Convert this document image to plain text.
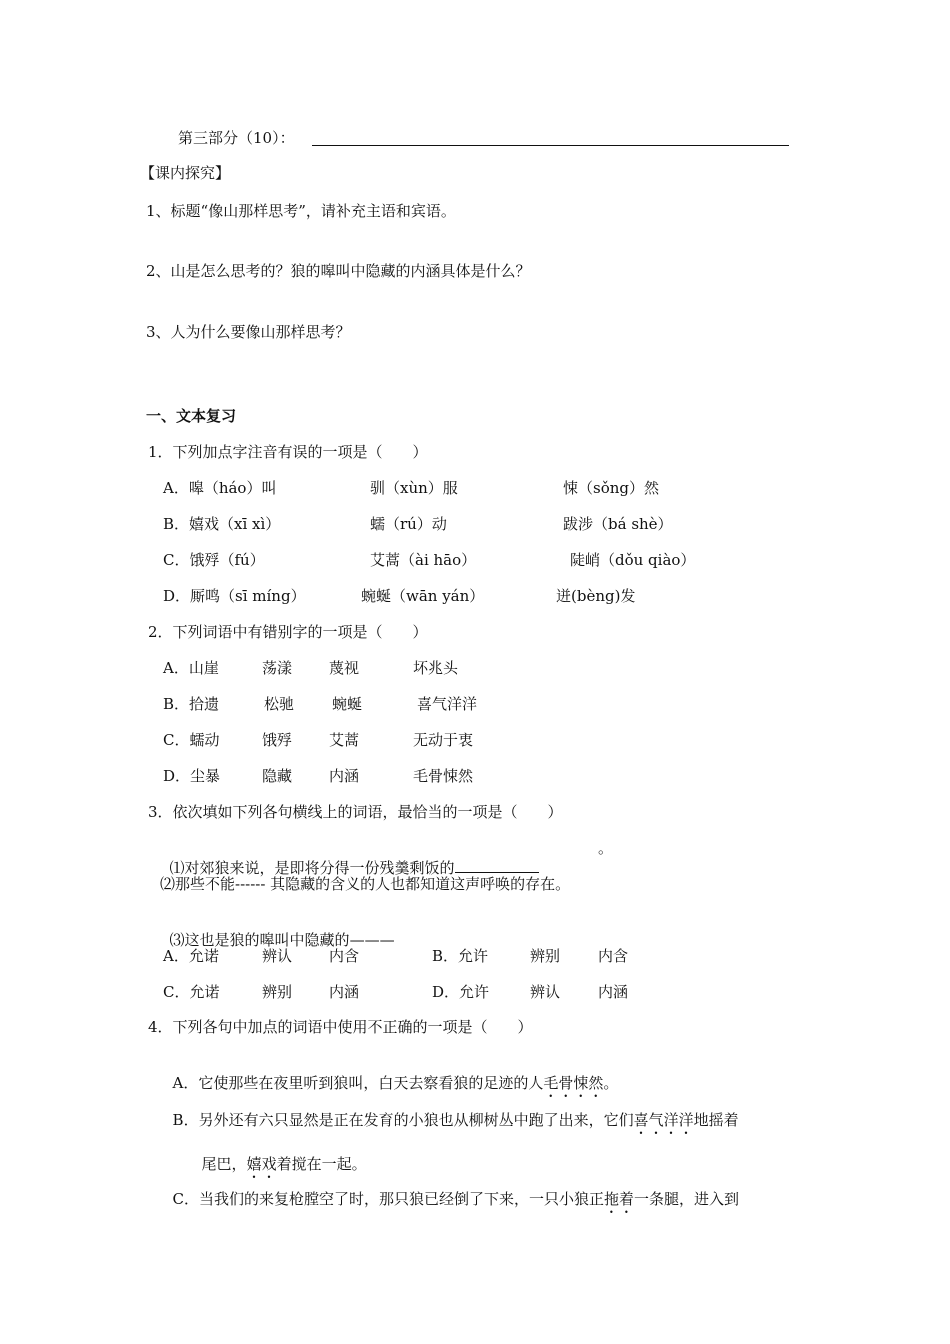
第三部分（10）：
【课内探究】
1、标题“像山那样思考”，请补充主语和宾语。
2、山是怎么思考的？狼的嗥叫中隐藏的内涵具体是什么？
3、人为什么要像山那样思考？
一、文本复习
1．下列加点字注音有误的一项是（　　）
A．嗥（háo）叫	驯（xùn）服	悚（sǒng）然
B．嬉戏（xī xì）	蠕（rú）动	跋涉（bá shè）
C．饿殍（fú）	艾蒿（ài hāo）	陡峭（dǒu qiào）
D．厮鸣（sī míng）	蜿蜒（wān yán）	迸(bèng)发
2．下列词语中有错别字的一项是（　　）
A．山崖	荡漾 蔑视	坏兆头
B．拾遗	松驰	蜿蜒	喜气洋洋
C．蠕动	饿殍 艾蒿	无动于衷
D．尘暴	隐藏 内涵	毛骨悚然
3．依次填如下列各句横线上的词语，最恰当的一项是（　　）

⑴对郊狼来说，是即将分得一份残羹剩饭的

。
⑵那些不能------ 其隐藏的含义的人也都知道这声呼唤的存在。

⑶这也是狼的嗥叫中隐藏的———

A．允诺	辨认 内含	B．允许	辨别	内含
C．允诺	辨别 内涵	D．允许	辨认	内涵
4．下列各句中加点的词语中使用不正确的一项是（　　）

A．它使那些在夜里听到狼叫，白天去察看狼的足迹的人毛骨悚然。

B．另外还有六只显然是正在发育的小狼也从柳树丛中跑了出来，它们喜气洋洋地摇着

尾巴，嬉戏着搅在一起。

C．当我们的来复枪膛空了时，那只狼已经倒了下来，一只小狼正拖着一条腿，进入到
